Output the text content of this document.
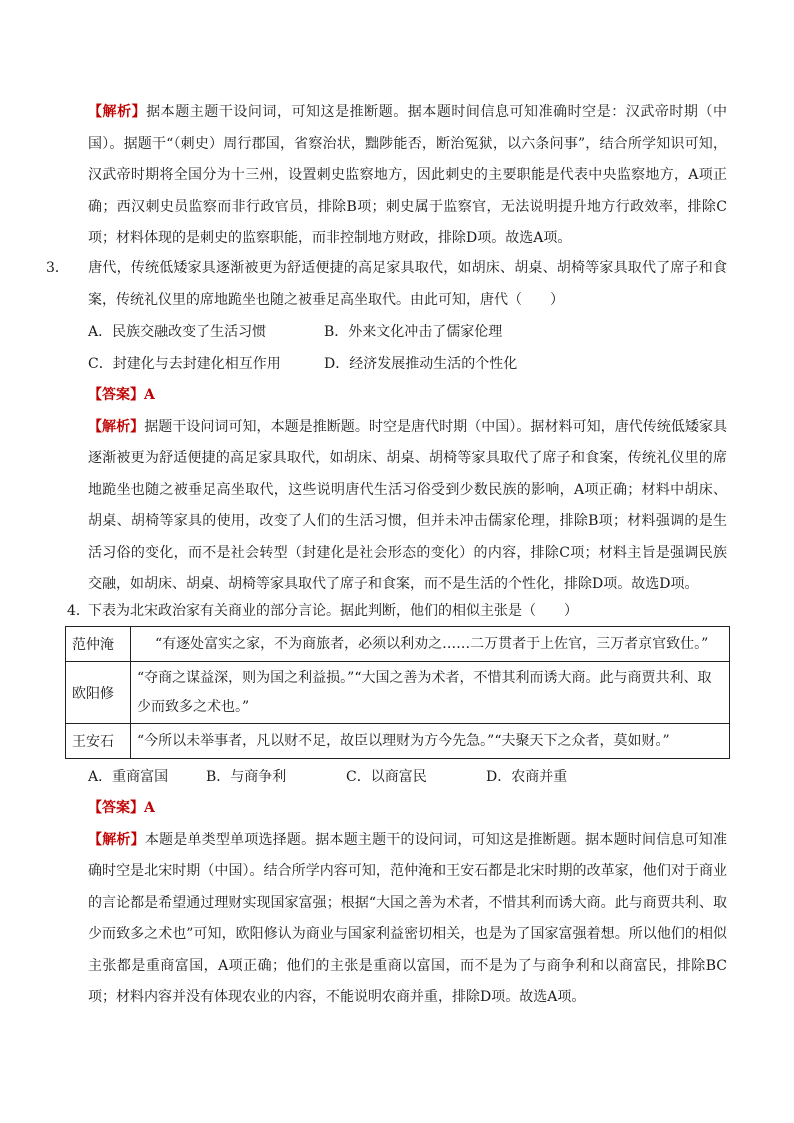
【解析】据本题主题干设问词，可知这是推断题。据本题时间信息可知准确时空是：汉武帝时期（中国）。据题干“（刺史）周行郡国，省察治状，黜陟能否，断治冤狱，以六条问事”，结合所学知识可知，汉武帝时期将全国分为十三州，设置刺史监察地方，因此刺史的主要职能是代表中央监察地方，A项正确；西汉刺史员监察而非行政官员，排除B项；刺史属于监察官，无法说明提升地方行政效率，排除C项；材料体现的是刺史的监察职能，而非控制地方财政，排除D项。故选A项。

3． 唐代，传统低矮家具逐渐被更为舒适便捷的高足家具取代，如胡床、胡桌、胡椅等家具取代了席子和食案，传统礼仪里的席地跪坐也随之被垂足高坐取代。由此可知，唐代（　　）

A．民族交融改变了生活习惯	B．外来文化冲击了儒家伦理
C．封建化与去封建化相互作用	D．经济发展推动生活的个性化

【答案】A

【解析】据题干设问词可知，本题是推断题。时空是唐代时期（中国）。据材料可知，唐代传统低矮家具逐渐被更为舒适便捷的高足家具取代，如胡床、胡桌、胡椅等家具取代了席子和食案，传统礼仪里的席地跪坐也随之被垂足高坐取代，这些说明唐代生活习俗受到少数民族的影响，A项正确；材料中胡床、胡桌、胡椅等家具的使用，改变了人们的生活习惯，但并未冲击儒家伦理，排除B项；材料强调的是生活习俗的变化，而不是社会转型（封建化是社会形态的变化）的内容，排除C项；材料主旨是强调民族交融，如胡床、胡桌、胡椅等家具取代了席子和食案，而不是生活的个性化，排除D项。故选D项。

4．下表为北宋政治家有关商业的部分言论。据此判断，他们的相似主张是（　　）

范仲淹	“有逐处富实之家，不为商旅者，必须以利劝之……二万贯者于上佐官，三万者京官致仕。”
欧阳修	“夺商之谋益深，则为国之利益损。”“大国之善为术者，不惜其利而诱大商。此与商贾共利、取少而致多之术也。”
王安石	“今所以未举事者，凡以财不足，故臣以理财为方今先急。”“夫聚天下之众者，莫如财。”
A．重商富国	B．与商争利	C．以商富民	D．农商并重

【答案】A

【解析】本题是单类型单项选择题。据本题主题干的设问词，可知这是推断题。据本题时间信息可知准确时空是北宋时期（中国）。结合所学内容可知，范仲淹和王安石都是北宋时期的改革家，他们对于商业的言论都是希望通过理财实现国家富强；根据“大国之善为术者，不惜其利而诱大商。此与商贾共利、取少而致多之术也”可知，欧阳修认为商业与国家利益密切相关，也是为了国家富强着想。所以他们的相似主张都是重商富国，A项正确；他们的主张是重商以富国，而不是为了与商争利和以商富民，排除BC项；材料内容并没有体现农业的内容，不能说明农商并重，排除D项。故选A项。
